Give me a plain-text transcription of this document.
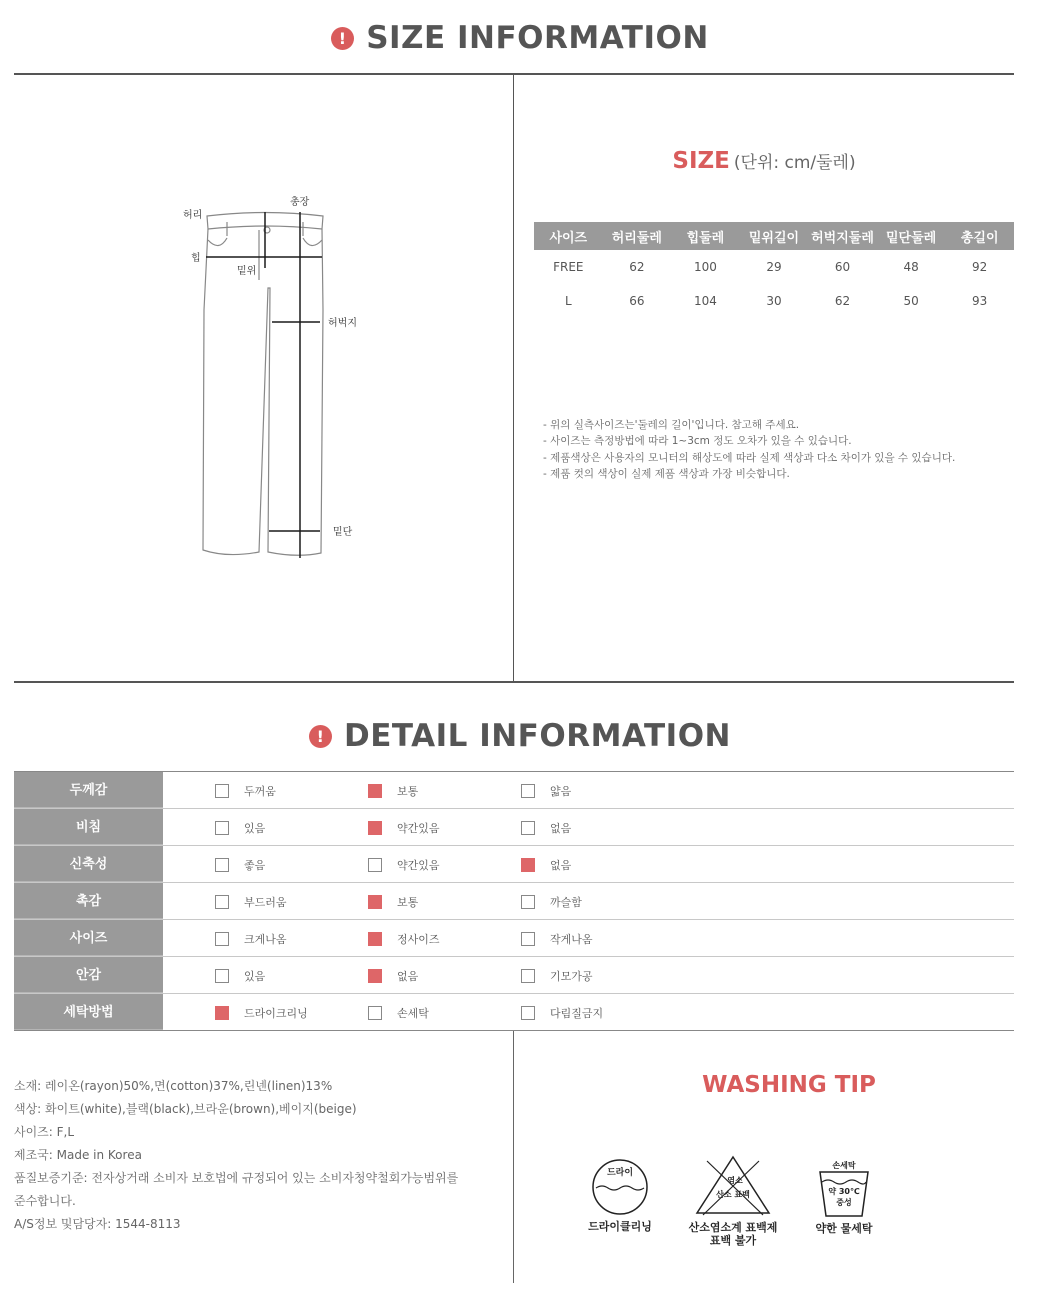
! SIZE INFORMATION
허리
총장
힙
밑위
허벅지
밑단
SIZE (단위: cm/둘레)
사이즈	허리둘레	힙둘레	밑위길이	허벅지둘레	밑단둘레	총길이
FREE	62	100	29	60	48	92
L	66	104	30	62	50	93
- 위의 실측사이즈는'둘레의 길이'입니다. 참고해 주세요.
- 사이즈는 측정방법에 따라 1~3cm 정도 오차가 있을 수 있습니다.
- 제품색상은 사용자의 모니터의 해상도에 따라 실제 색상과 다소 차이가 있을 수 있습니다.
- 제품 컷의 색상이 실제 제품 색상과 가장 비슷합니다.
! DETAIL INFORMATION
두께감	두꺼움	보통	얇음
비침	있음	약간있음	없음
신축성	좋음	약간있음	없음
촉감	부드러움	보통	까슬함
사이즈	크게나옴	정사이즈	작게나옴
안감	있음	없음	기모가공
세탁방법	드라이크리닝	손세탁	다림질금지
소재: 레이온(rayon)50%,면(cotton)37%,린넨(linen)13%
색상: 화이트(white),블랙(black),브라운(brown),베이지(beige)
사이즈: F,L
제조국: Made in Korea
품질보증기준: 전자상거래 소비자 보호법에 규정되어 있는 소비자청약철회가능범위를
준수합니다.
A/S정보 및담당자: 1544-8113
WASHING TIP
드라이
드라이클리닝
염소
산소 표백
산소염소계 표백제
표백 불가
손세탁
약 30℃
중성
약한 물세탁
